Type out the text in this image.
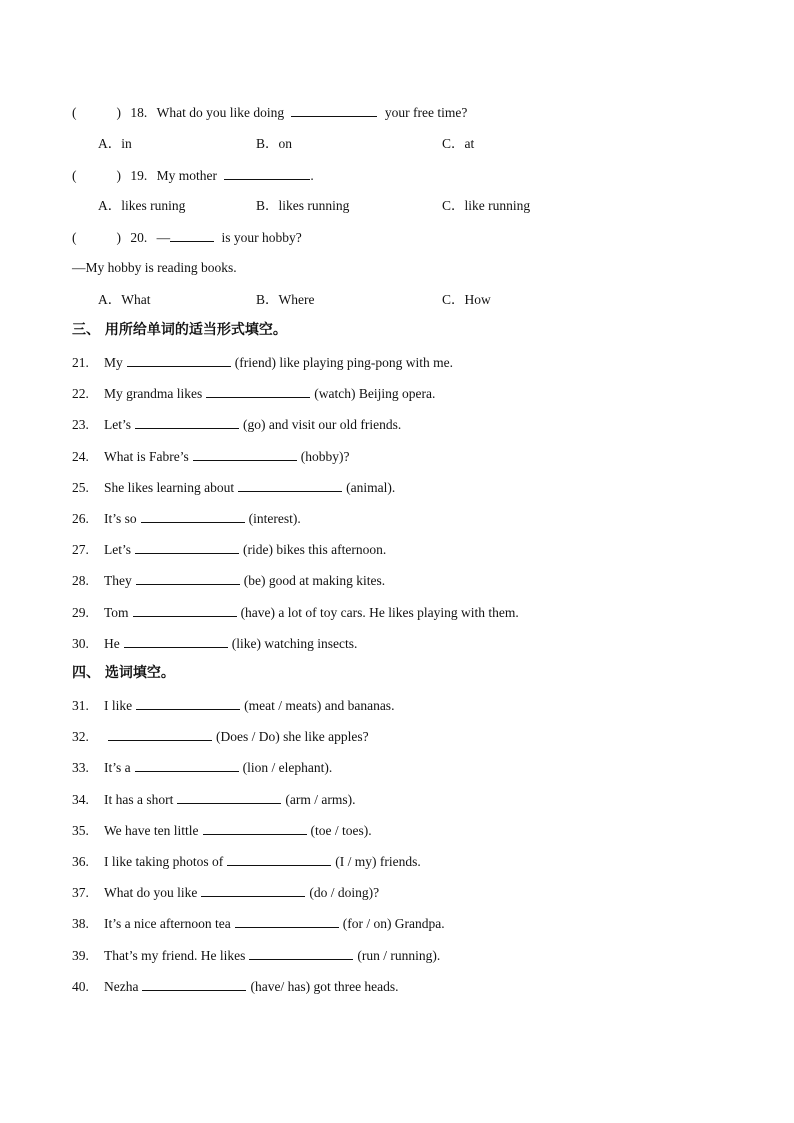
(	) 18. What do you like doing	your free time?
A．in	B．on	C．at
(	) 19. My mother	.
A．likes runing	B．likes running	C．like running
(	) 20. —	is your hobby?
—My hobby is reading books.
A．What	B．Where	C．How
三、 用所给单词的适当形式填空。
21. My	(friend) like playing ping-pong with me.
22. My grandma likes	(watch) Beijing opera.
23. Let’s	(go) and visit our old friends.
24. What is Fabre’s	(hobby)?
25. She likes learning about	(animal).
26. It’s so	(interest).
27. Let’s	(ride) bikes this afternoon.
28. They	(be) good at making kites.
29. Tom	(have) a lot of toy cars. He likes playing with them.
30. He	(like) watching insects.
四、 选词填空。
31. I like	(meat / meats) and bananas.
32.	(Does / Do) she like apples?
33. It’s a	(lion / elephant).
34. It has a short	(arm / arms).
35. We have ten little	(toe / toes).
36. I like taking photos of	(I / my) friends.
37. What do you like	(do / doing)?
38. It’s a nice afternoon tea	(for / on) Grandpa.
39. That’s my friend. He likes	(run / running).
40. Nezha	(have/ has) got three heads.
